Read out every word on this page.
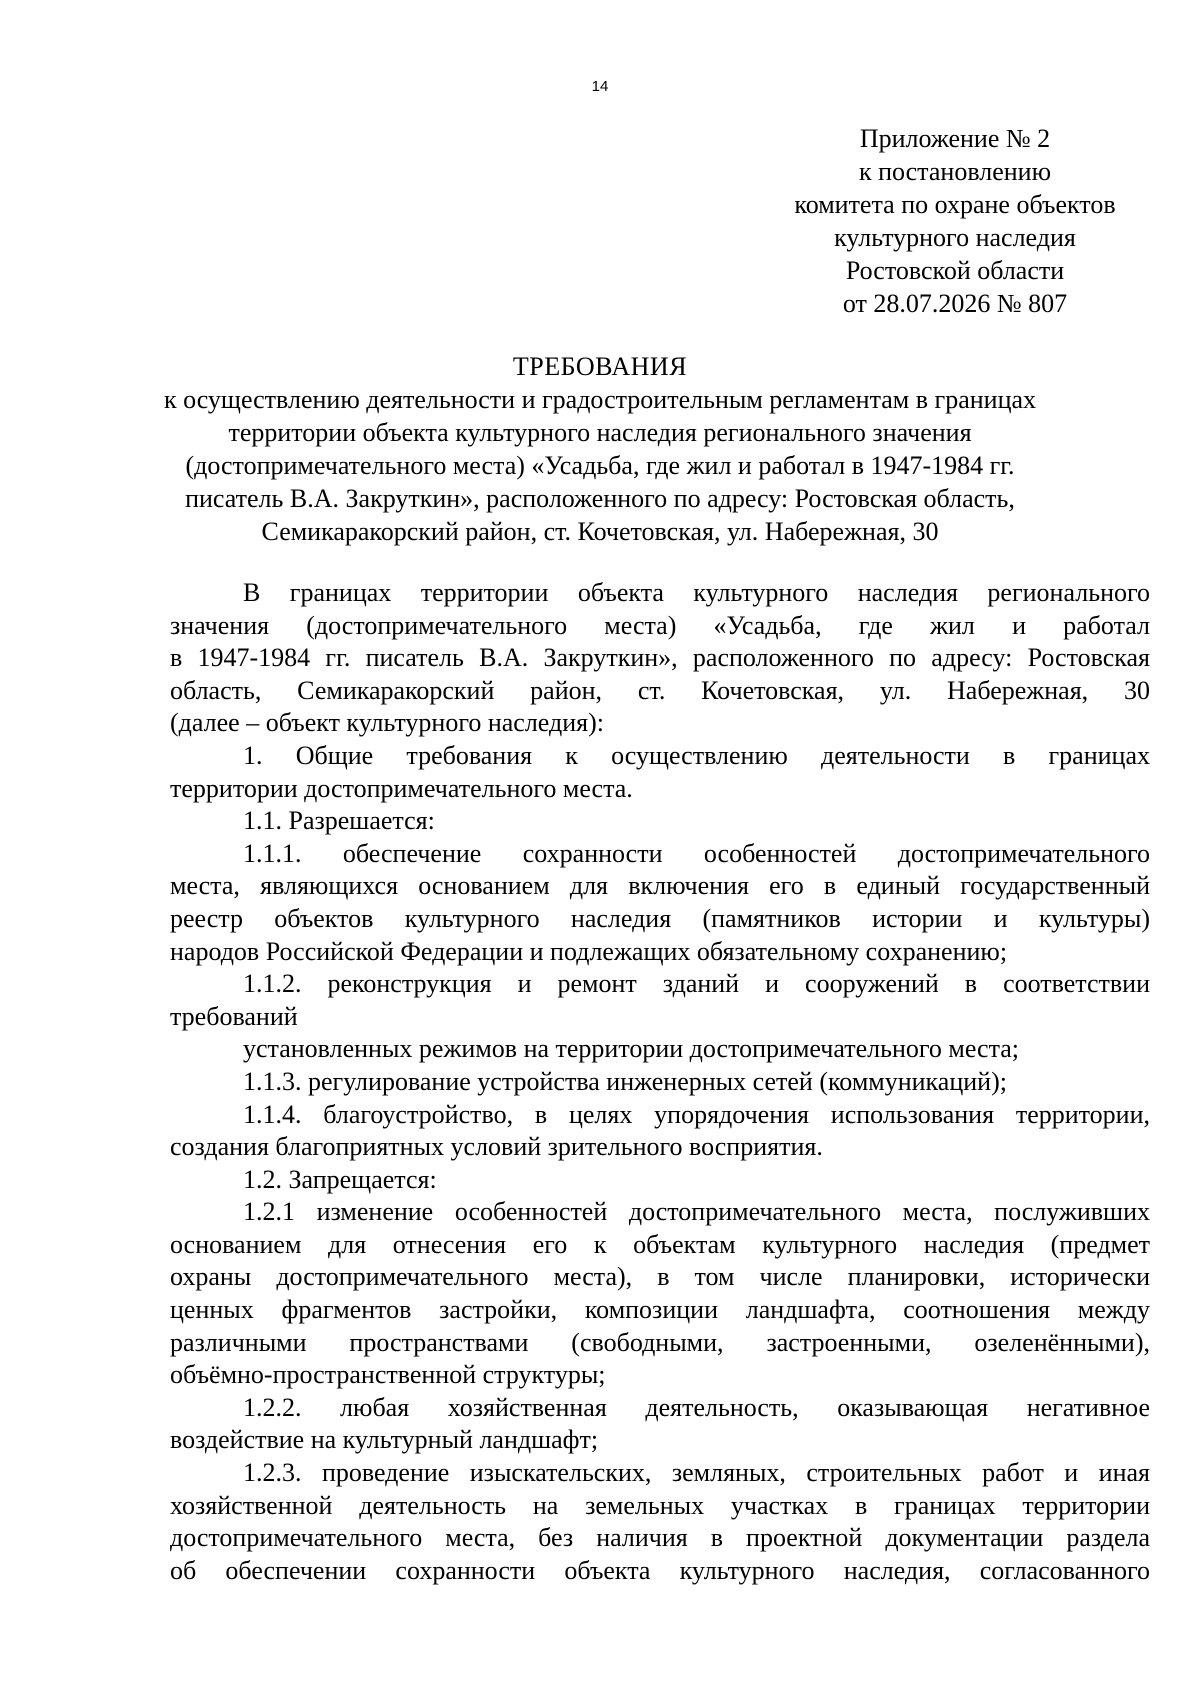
14
Приложение № 2
к постановлению
комитета по охране объектов
культурного наследия
Ростовской области
от 28.07.2026 № 807
ТРЕБОВАНИЯ
к осуществлению деятельности и градостроительным регламентам в границах
территории объекта культурного наследия регионального значения
(достопримечательного места) «Усадьба, где жил и работал в 1947-1984 гг.
писатель В.А. Закруткин», расположенного по адресу: Ростовская область,
Семикаракорский район, ст. Кочетовская, ул. Набережная, 30

В границах территории объекта культурного наследия регионального

значения (достопримечательного места) «Усадьба, где жил и работал

в 1947-1984 гг. писатель В.А. Закруткин», расположенного по адресу: Ростовская

область, Семикаракорский район, ст. Кочетовская, ул. Набережная, 30

(далее – объект культурного наследия):

1. Общие требования к осуществлению деятельности в границах

территории достопримечательного места.

1.1. Разрешается:

1.1.1. обеспечение сохранности особенностей достопримечательного

места, являющихся основанием для включения его в единый государственный

реестр объектов культурного наследия (памятников истории и культуры)

народов Российской Федерации и подлежащих обязательному сохранению;

1.1.2. реконструкция и ремонт зданий и сооружений в соответствии

требований

установленных режимов на территории достопримечательного места;

1.1.3. регулирование устройства инженерных сетей (коммуникаций);

1.1.4. благоустройство, в целях упорядочения использования территории,

создания благоприятных условий зрительного восприятия.

1.2. Запрещается:

1.2.1 изменение особенностей достопримечательного места, послуживших

основанием для отнесения его к объектам культурного наследия (предмет

охраны достопримечательного места), в том числе планировки, исторически

ценных фрагментов застройки, композиции ландшафта, соотношения между

различными пространствами (свободными, застроенными, озеленёнными),

объёмно-пространственной структуры;

1.2.2. любая хозяйственная деятельность, оказывающая негативное

воздействие на культурный ландшафт;

1.2.3. проведение изыскательских, земляных, строительных работ и иная

хозяйственной деятельность на земельных участках в границах территории

достопримечательного места, без наличия в проектной документации раздела

об обеспечении сохранности объекта культурного наследия, согласованного
